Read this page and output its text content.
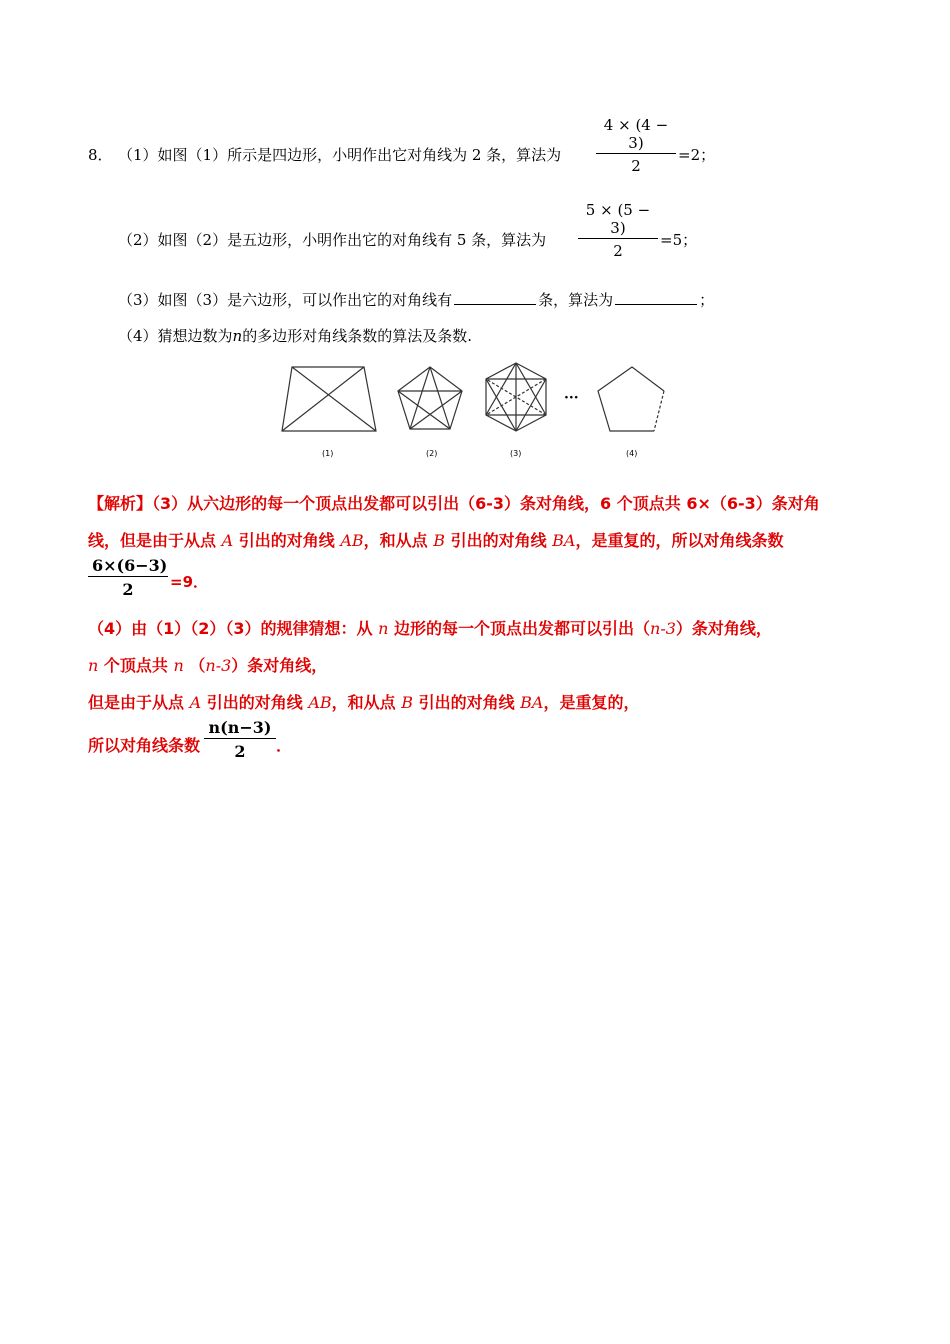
8． （1）如图（1）所示是四边形，小明作出它对角线为 2 条，算法为 $\frac{4 \times (4 - 3)}{2} =2$；
（2）如图（2）是五边形，小明作出它的对角线有 5 条，算法为 $\frac{5 \times (5 - 3)}{2} =5$；
（3）如图（3）是六边形，可以作出它的对角线有	条，算法为	；
（4）猜想边数为n的多边形对角线条数的算法及条数.
···
(1)	(2)	(3)	(4)
【解析】（3）从六边形的每一个顶点出发都可以引出（6-3）条对角线，6 个顶点共 6×（6-3）条对角
线，但是由于从点 A 引出的对角线 AB，和从点 B 引出的对角线 BA，是重复的，所以对角线条数
$\frac{6\times(6-3)}{2} =9$．
（4）由（1）（2）（3）的规律猜想：从 n 边形的每一个顶点出发都可以引出（n-3）条对角线，
n 个顶点共 n （n-3）条对角线，
但是由于从点 A 引出的对角线 AB，和从点 B 引出的对角线 BA，是重复的，
所以对角线条数 $\frac{n(n-3)}{2}$ ．
